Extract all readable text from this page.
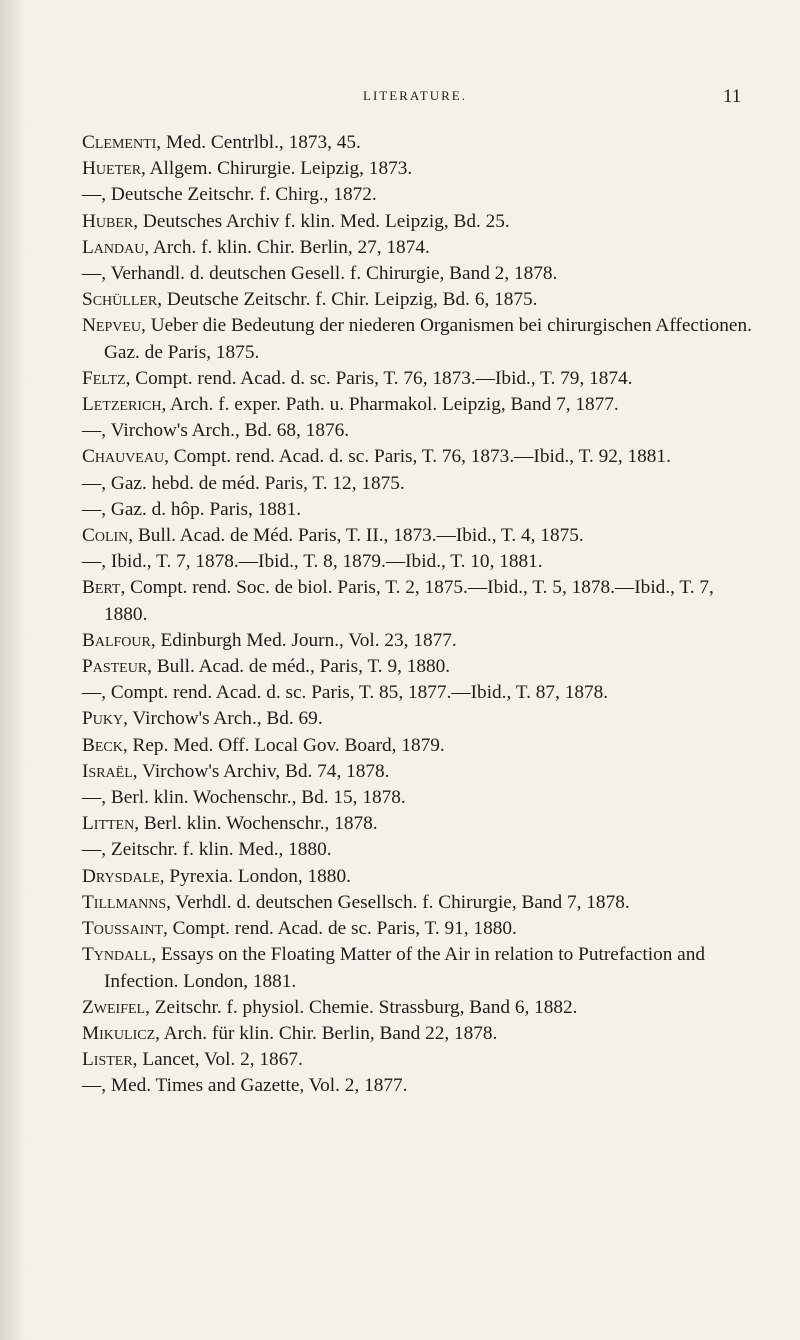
LITERATURE.	11
Clementi, Med. Centrlbl., 1873, 45.
Hueter, Allgem. Chirurgie. Leipzig, 1873.
—, Deutsche Zeitschr. f. Chirg., 1872.
Huber, Deutsches Archiv f. klin. Med. Leipzig, Bd. 25.
Landau, Arch. f. klin. Chir. Berlin, 27, 1874.
—, Verhandl. d. deutschen Gesell. f. Chirurgie, Band 2, 1878.
Schüller, Deutsche Zeitschr. f. Chir. Leipzig, Bd. 6, 1875.
Nepveu, Ueber die Bedeutung der niederen Organismen bei chirurgischen Affectionen. Gaz. de Paris, 1875.
Feltz, Compt. rend. Acad. d. sc. Paris, T. 76, 1873.—Ibid., T. 79, 1874.
Letzerich, Arch. f. exper. Path. u. Pharmakol. Leipzig, Band 7, 1877.
—, Virchow's Arch., Bd. 68, 1876.
Chauveau, Compt. rend. Acad. d. sc. Paris, T. 76, 1873.—Ibid., T. 92, 1881.
—, Gaz. hebd. de méd. Paris, T. 12, 1875.
—, Gaz. d. hôp. Paris, 1881.
Colin, Bull. Acad. de Méd. Paris, T. II., 1873.—Ibid., T. 4, 1875.
—, Ibid., T. 7, 1878.—Ibid., T. 8, 1879.—Ibid., T. 10, 1881.
Bert, Compt. rend. Soc. de biol. Paris, T. 2, 1875.—Ibid., T. 5, 1878.—Ibid., T. 7, 1880.
Balfour, Edinburgh Med. Journ., Vol. 23, 1877.
Pasteur, Bull. Acad. de méd., Paris, T. 9, 1880.
—, Compt. rend. Acad. d. sc. Paris, T. 85, 1877.—Ibid., T. 87, 1878.
Puky, Virchow's Arch., Bd. 69.
Beck, Rep. Med. Off. Local Gov. Board, 1879.
Israël, Virchow's Archiv, Bd. 74, 1878.
—, Berl. klin. Wochenschr., Bd. 15, 1878.
Litten, Berl. klin. Wochenschr., 1878.
—, Zeitschr. f. klin. Med., 1880.
Drysdale, Pyrexia. London, 1880.
Tillmanns, Verhdl. d. deutschen Gesellsch. f. Chirurgie, Band 7, 1878.
Toussaint, Compt. rend. Acad. de sc. Paris, T. 91, 1880.
Tyndall, Essays on the Floating Matter of the Air in relation to Putrefaction and Infection. London, 1881.
Zweifel, Zeitschr. f. physiol. Chemie. Strassburg, Band 6, 1882.
Mikulicz, Arch. für klin. Chir. Berlin, Band 22, 1878.
Lister, Lancet, Vol. 2, 1867.
—, Med. Times and Gazette, Vol. 2, 1877.
